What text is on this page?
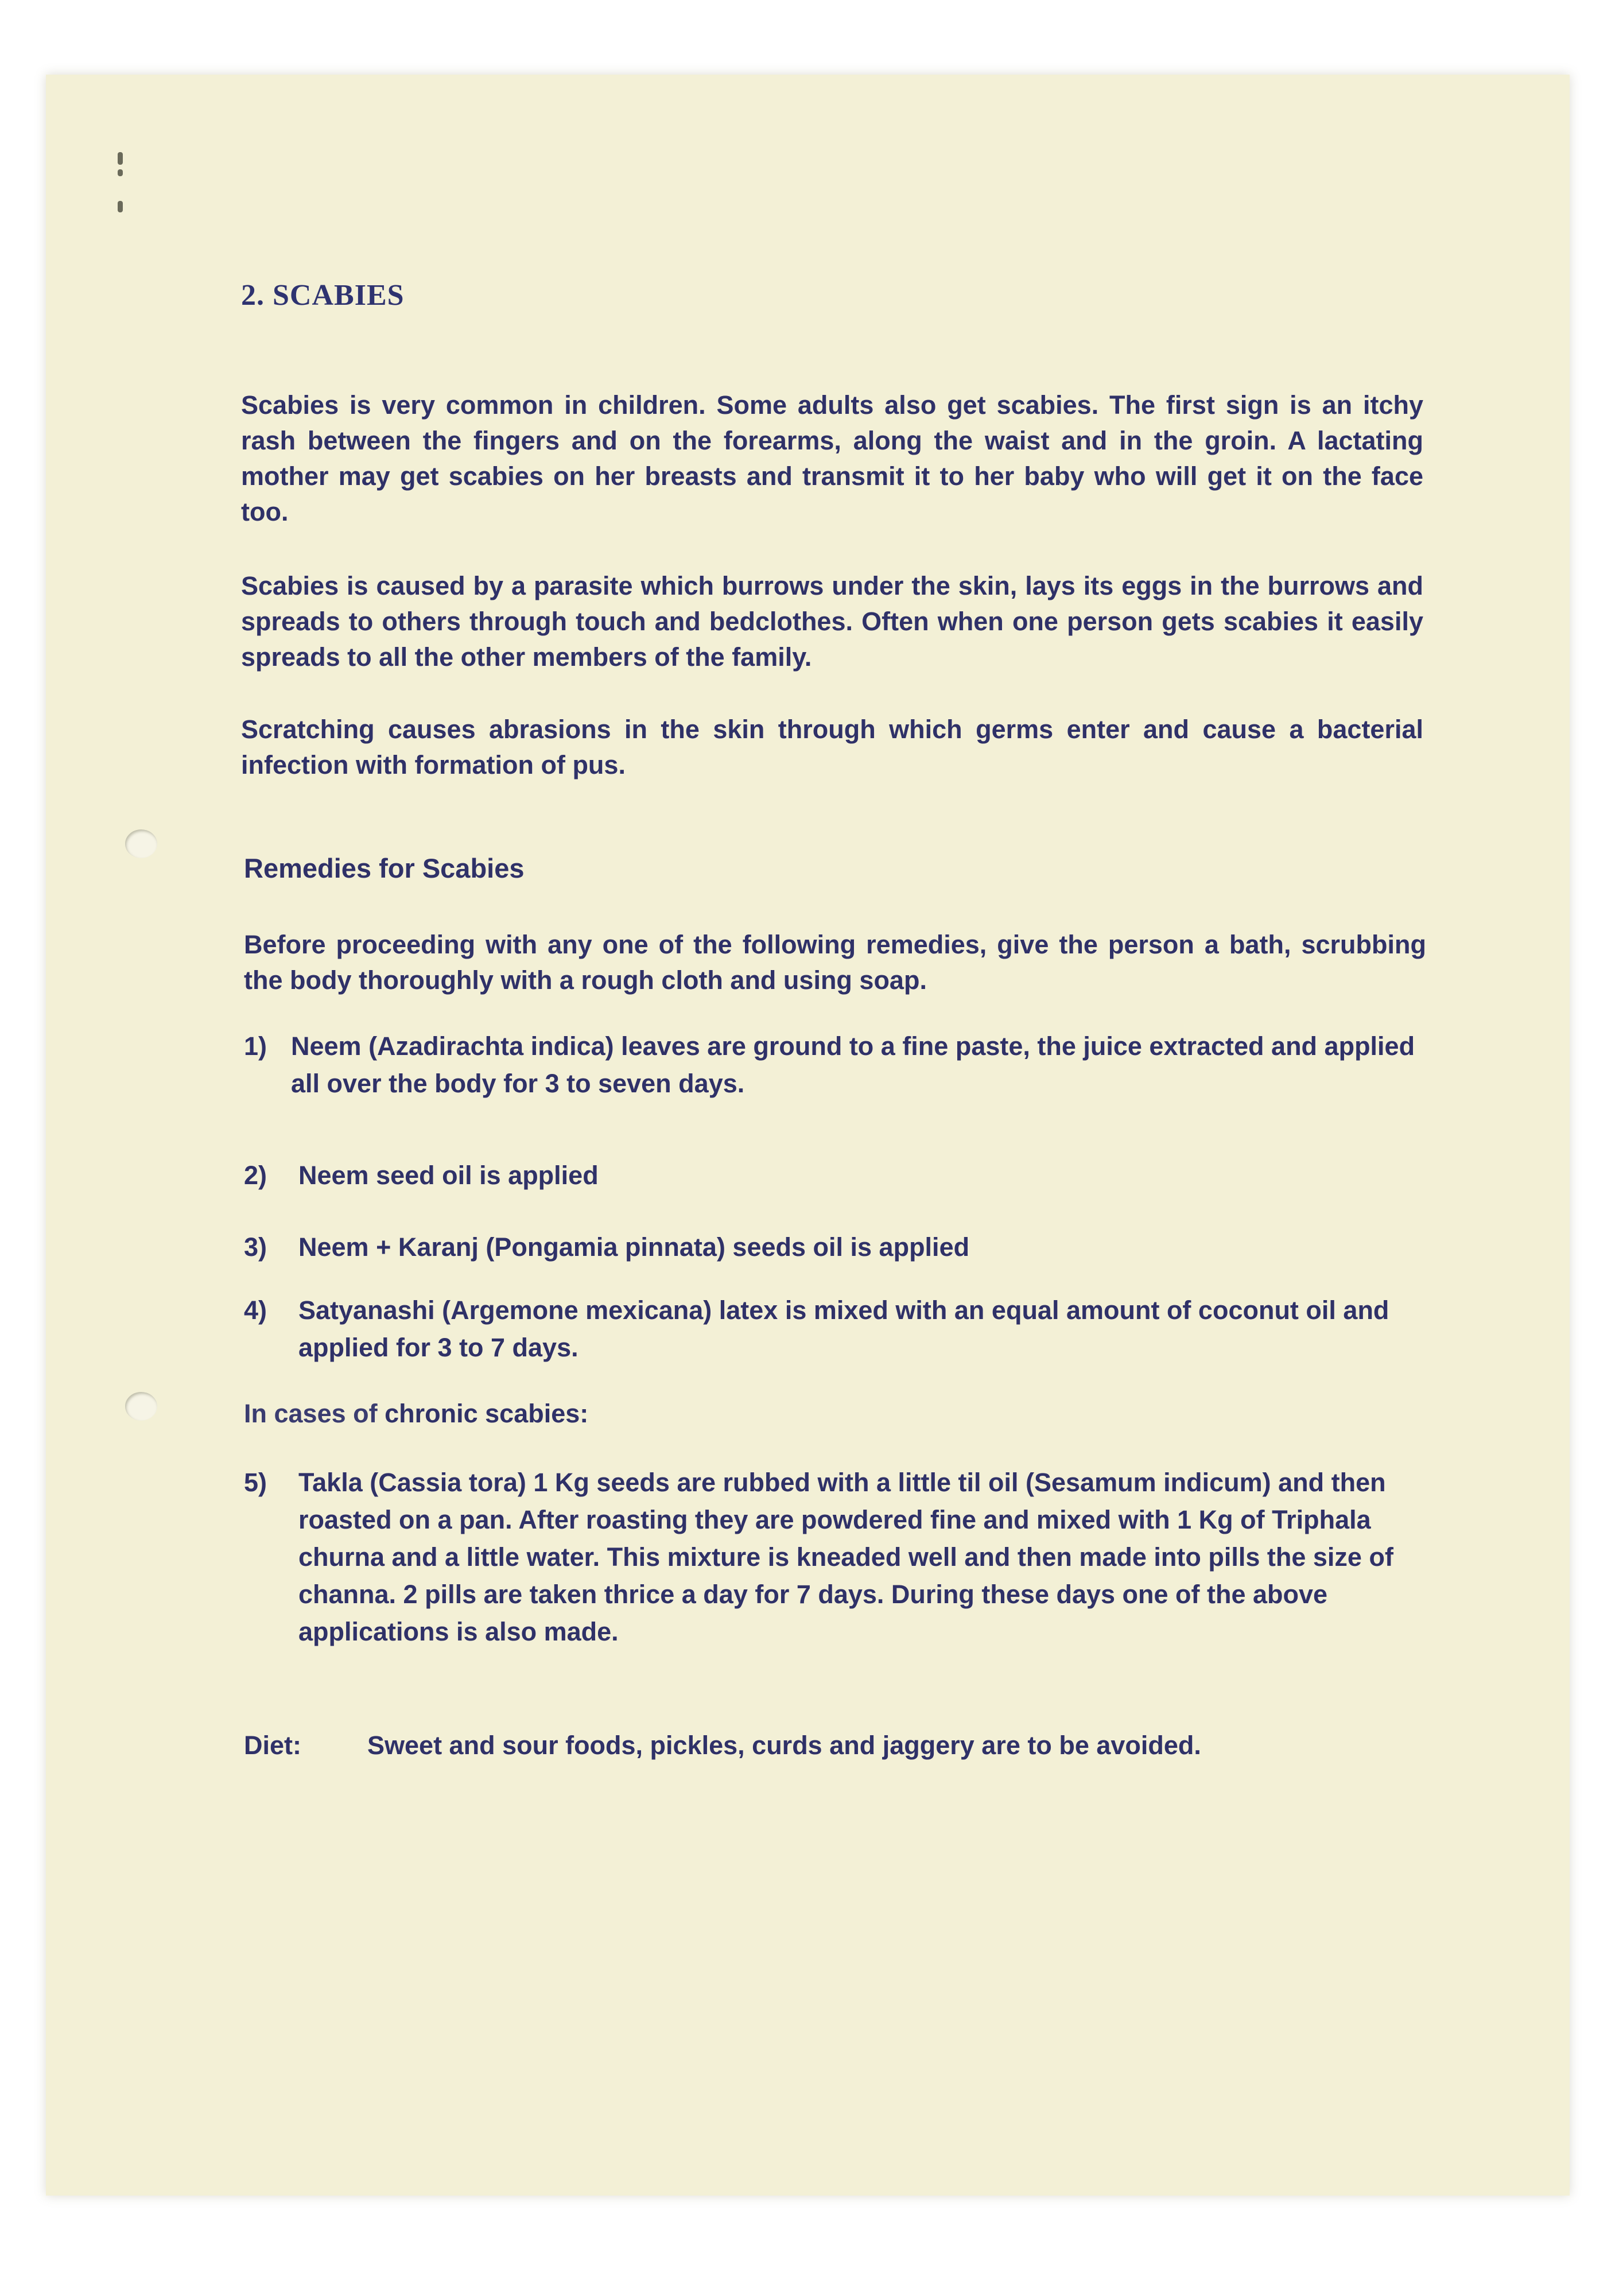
2. SCABIES

Scabies is very common in children. Some adults also get scabies. The first sign is an itchy rash between the fingers and on the forearms, along the waist and in the groin. A lactating mother may get scabies on her breasts and transmit it to her baby who will get it on the face too.

Scabies is caused by a parasite which burrows under the skin, lays its eggs in the burrows and spreads to others through touch and bedclothes. Often when one person gets scabies it easily spreads to all the other members of the family.

Scratching causes abrasions in the skin through which germs enter and cause a bacterial infection with formation of pus.

Remedies for Scabies

Before proceeding with any one of the following remedies, give the person a bath, scrubbing the body thoroughly with a rough cloth and using soap.

1) Neem (Azadirachta indica) leaves are ground to a fine paste, the juice extracted and applied all over the body for 3 to seven days.
2)	Neem seed oil is applied
3)	Neem + Karanj (Pongamia pinnata) seeds oil is applied
4)	Satyanashi (Argemone mexicana) latex is mixed with an equal amount of coconut oil and applied for 3 to 7 days.
In cases of chronic scabies:
5)	Takla (Cassia tora) 1 Kg seeds are rubbed with a little til oil (Sesamum indicum) and then roasted on a pan. After roasting they are powdered fine and mixed with 1 Kg of Triphala churna and a little water. This mixture is kneaded well and then made into pills the size of channa. 2 pills are taken thrice a day for 7 days. During these days one of the above applications is also made.
Diet:	Sweet and sour foods, pickles, curds and jaggery are to be avoided.
